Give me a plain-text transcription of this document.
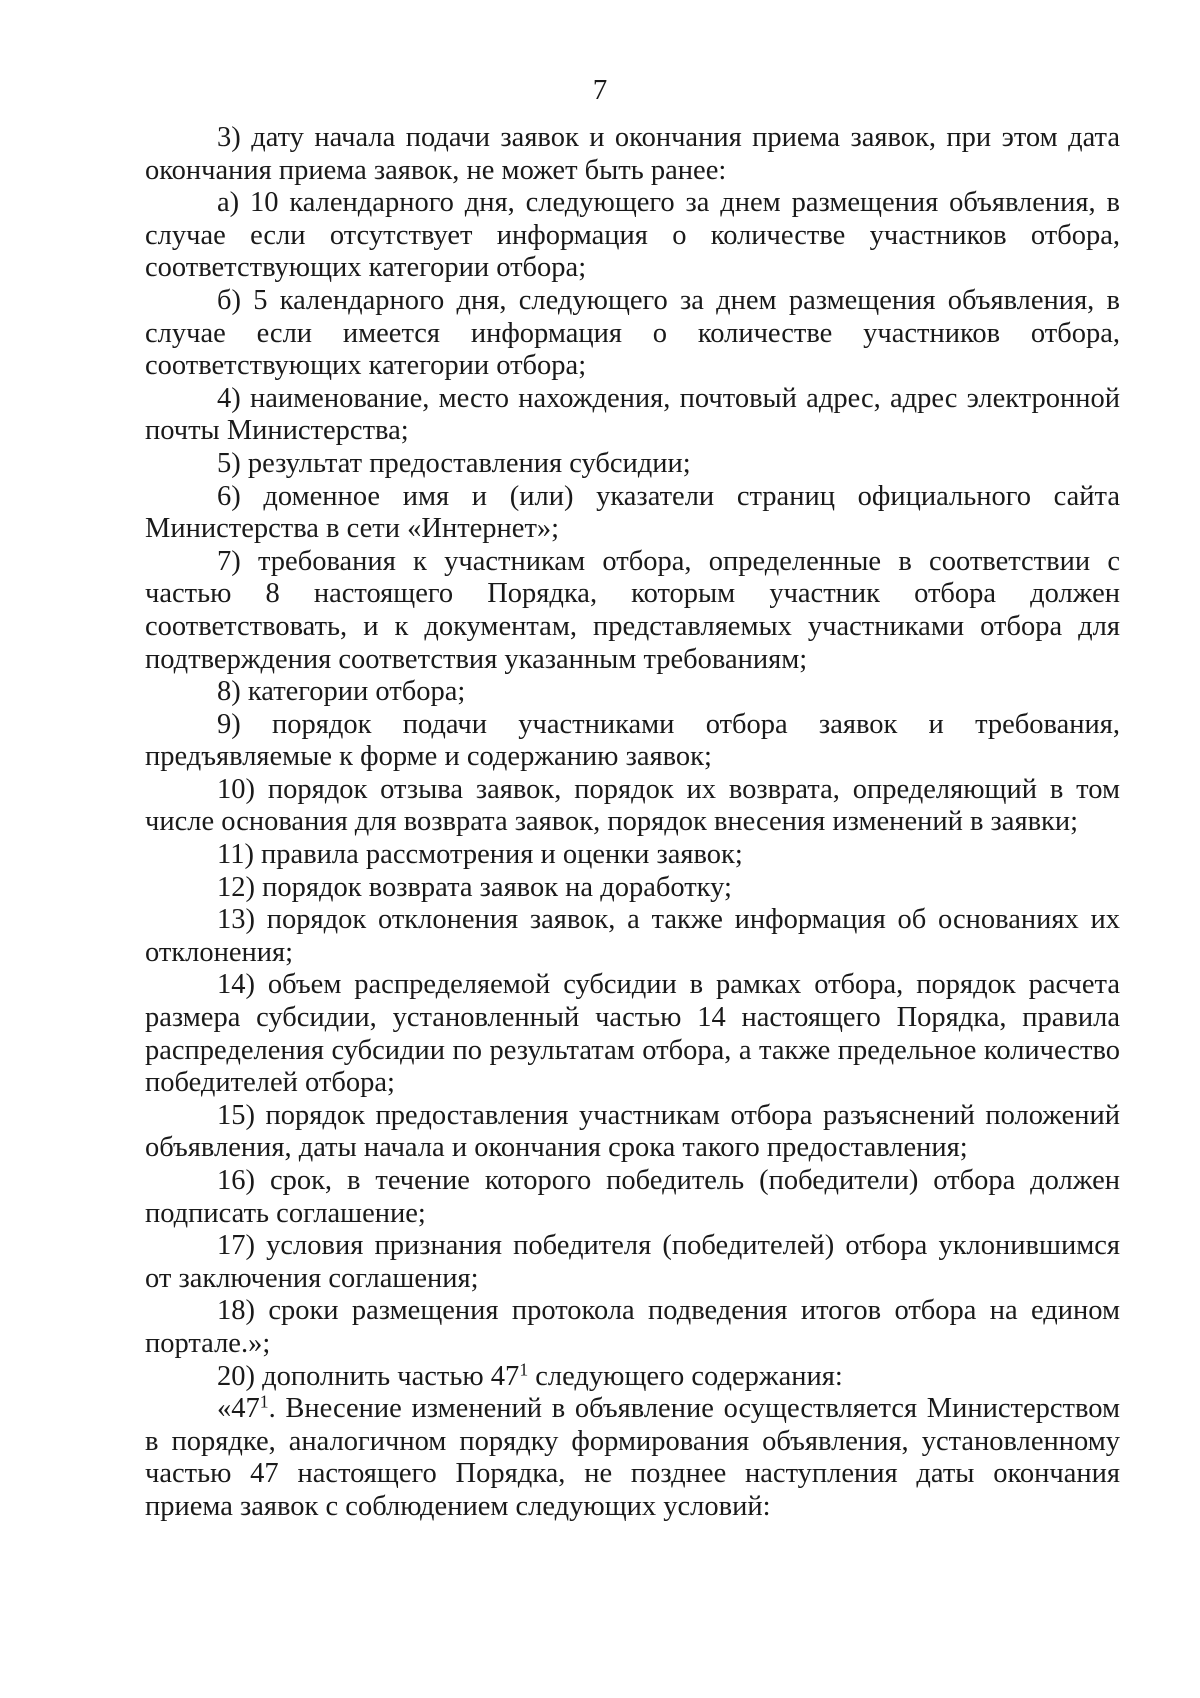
7

3) дату начала подачи заявок и окончания приема заявок, при этом дата окончания приема заявок, не может быть ранее:

а) 10 календарного дня, следующего за днем размещения объявления, в случае если отсутствует информация о количестве участников отбора, соответствующих категории отбора;

б) 5 календарного дня, следующего за днем размещения объявления, в случае если имеется информация о количестве участников отбора, соответствующих категории отбора;

4) наименование, место нахождения, почтовый адрес, адрес электронной почты Министерства;

5) результат предоставления субсидии;

6) доменное имя и (или) указатели страниц официального сайта Министерства в сети «Интернет»;

7) требования к участникам отбора, определенные в соответствии с частью 8 настоящего Порядка, которым участник отбора должен соответствовать, и к документам, представляемых участниками отбора для подтверждения соответствия указанным требованиям;

8) категории отбора;

9) порядок подачи участниками отбора заявок и требования, предъявляемые к форме и содержанию заявок;

10) порядок отзыва заявок, порядок их возврата, определяющий в том числе основания для возврата заявок, порядок внесения изменений в заявки;

11) правила рассмотрения и оценки заявок;

12) порядок возврата заявок на доработку;

13) порядок отклонения заявок, а также информация об основаниях их отклонения;

14) объем распределяемой субсидии в рамках отбора, порядок расчета размера субсидии, установленный частью 14 настоящего Порядка, правила распределения субсидии по результатам отбора, а также предельное количество победителей отбора;

15) порядок предоставления участникам отбора разъяснений положений объявления, даты начала и окончания срока такого предоставления;

16) срок, в течение которого победитель (победители) отбора должен подписать соглашение;

17) условия признания победителя (победителей) отбора уклонившимся от заключения соглашения;

18) сроки размещения протокола подведения итогов отбора на едином портале.»;

20) дополнить частью $47^1$ следующего содержания:

«$47^1$. Внесение изменений в объявление осуществляется Министерством в порядке, аналогичном порядку формирования объявления, установленному частью 47 настоящего Порядка, не позднее наступления даты окончания приема заявок с соблюдением следующих условий:
